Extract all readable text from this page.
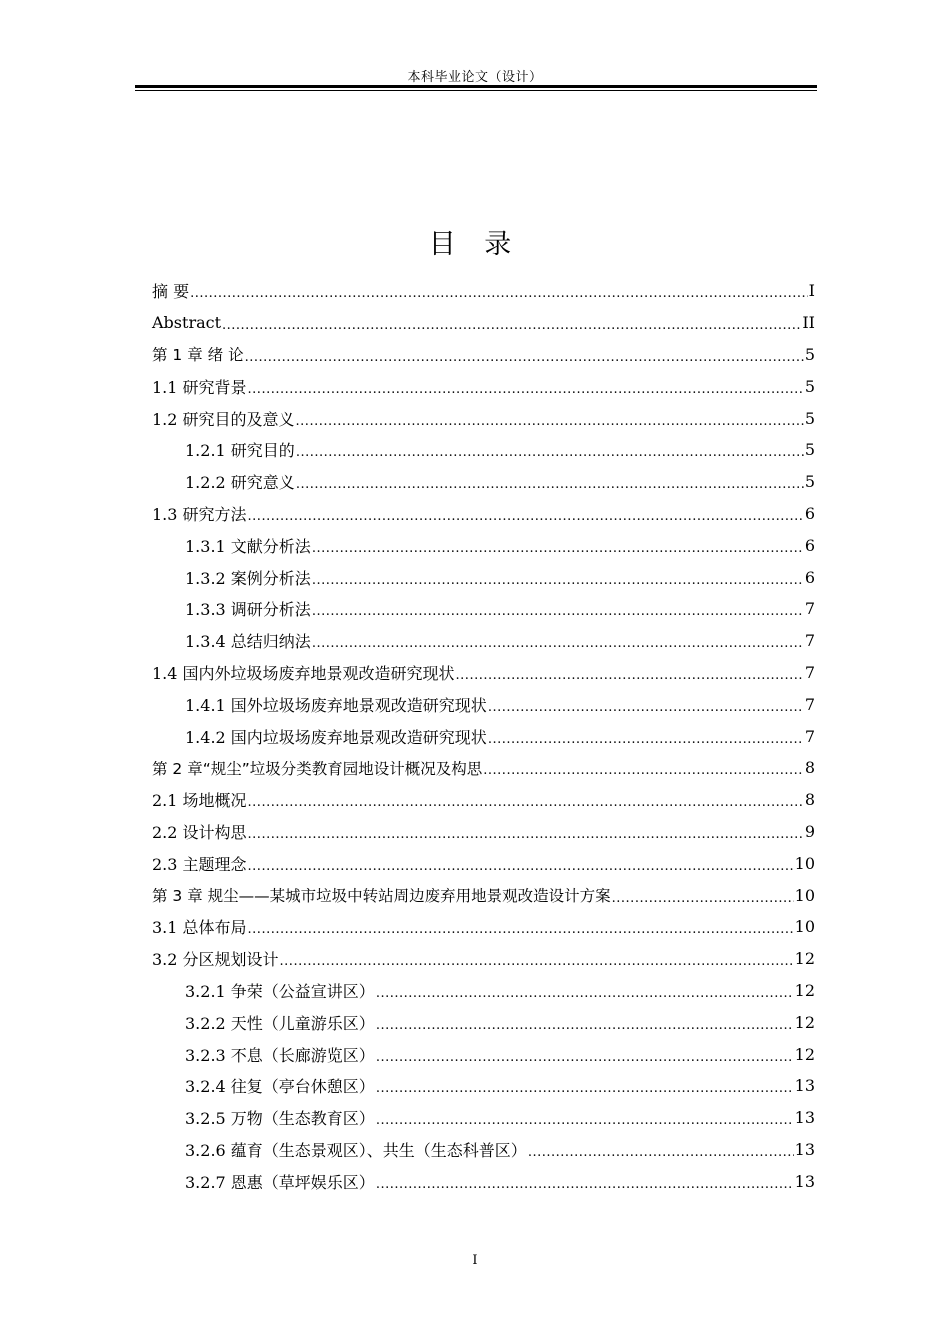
本科毕业论文（设计）
目 录
摘 要 .....	I
Abstract .....	II
第 1 章 绪 论 .....	5
1.1 研究背景 .....	5
1.2 研究目的及意义 .....	5
1.2.1 研究目的 .....	5
1.2.2 研究意义 .....	5
1.3 研究方法 .....	6
1.3.1 文献分析法 .....	6
1.3.2 案例分析法 .....	6
1.3.3 调研分析法 .....	7
1.3.4 总结归纳法 .....	7
1.4 国内外垃圾场废弃地景观改造研究现状 .....	7
1.4.1 国外垃圾场废弃地景观改造研究现状 .....	7
1.4.2 国内垃圾场废弃地景观改造研究现状 .....	7
第 2 章“规尘”垃圾分类教育园地设计概况及构思 .....	8
2.1 场地概况 .....	8
2.2 设计构思 .....	9
2.3 主题理念 .....	10
第 3 章 规尘——某城市垃圾中转站周边废弃用地景观改造设计方案 .....	10
3.1 总体布局 .....	10
3.2 分区规划设计 .....	12
3.2.1 争荣（公益宣讲区） .....	12
3.2.2 天性（儿童游乐区） .....	12
3.2.3 不息（长廊游览区） .....	12
3.2.4 往复（亭台休憩区） .....	13
3.2.5 万物（生态教育区） .....	13
3.2.6 蕴育（生态景观区）、共生（生态科普区） .....	13
3.2.7 恩惠（草坪娱乐区） .....	13
I
